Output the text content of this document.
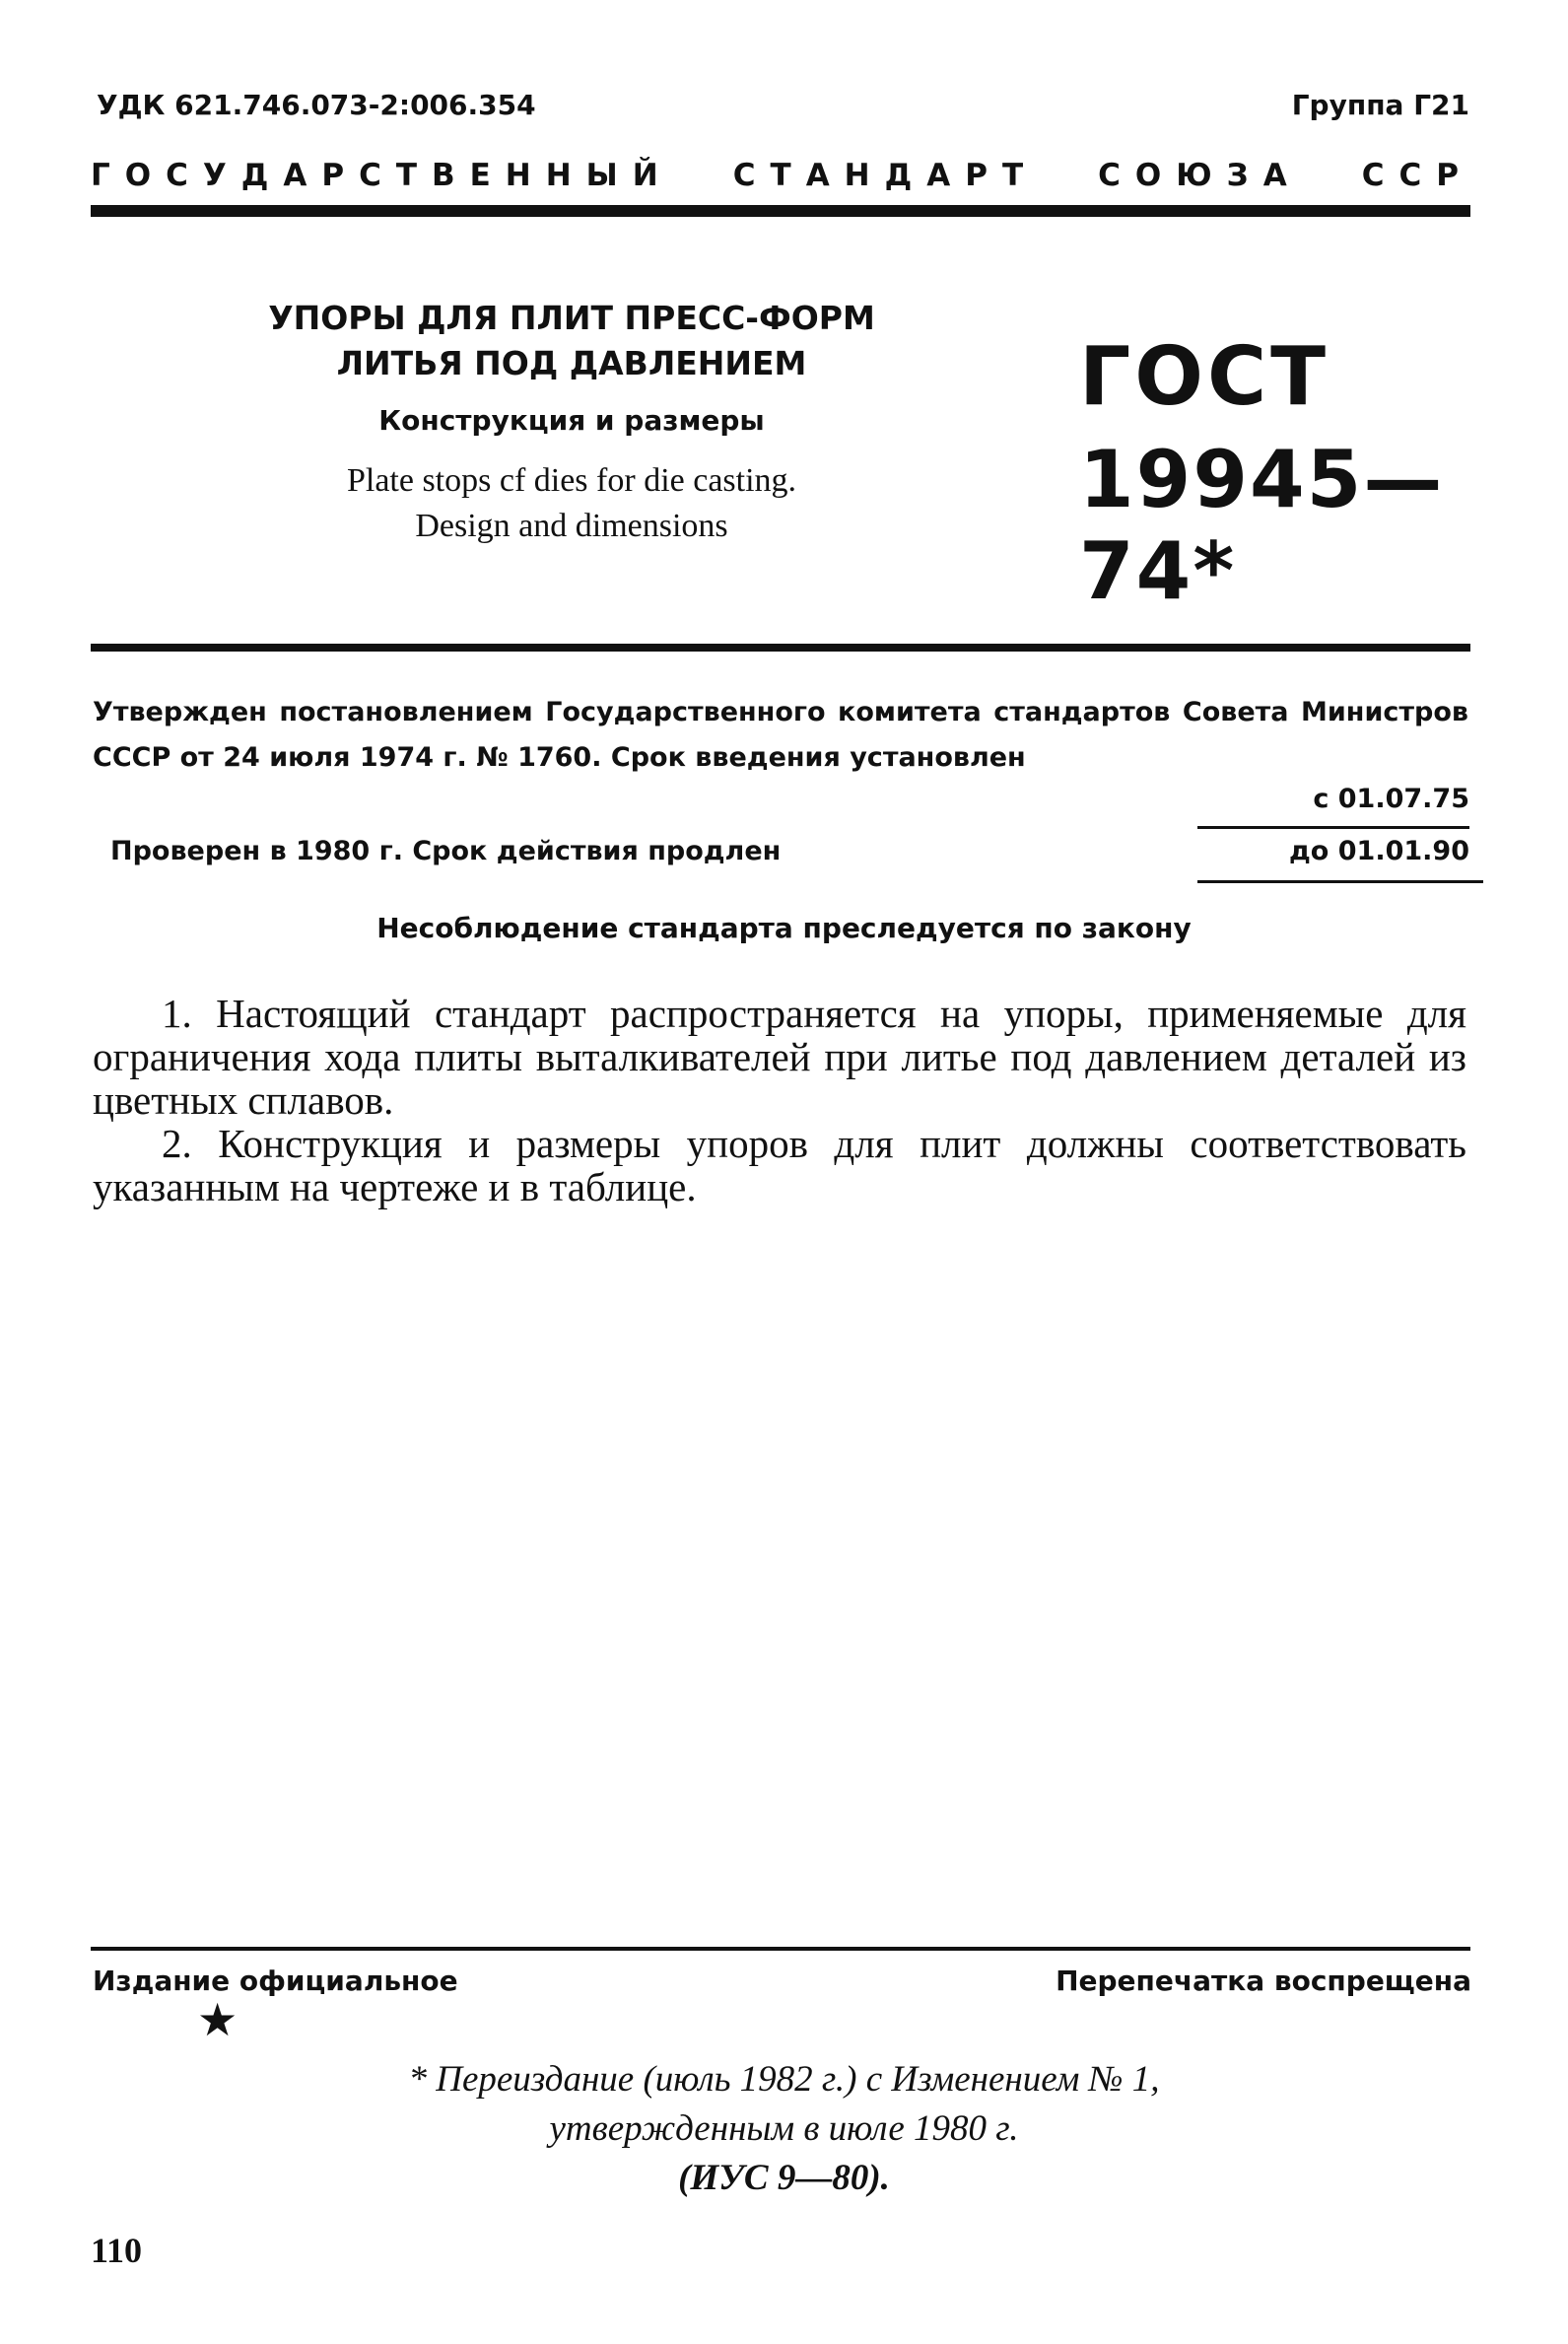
УДК 621.746.073-2:006.354	Группа Г21
ГОСУДАРСТВЕННЫЙ СТАНДАРТ СОЮЗА ССР
УПОРЫ ДЛЯ ПЛИТ ПРЕСС-ФОРМ
ЛИТЬЯ ПОД ДАВЛЕНИЕМ
Конструкция и размеры
Plate stops cf dies for die casting.
Design and dimensions
ГОСТ
19945—74*
Утвержден постановлением Государственного комитета стандартов Совета Министров СССР от 24 июля 1974 г. № 1760. Срок введения установлен
с 01.07.75
Проверен в 1980 г. Срок действия продлен	до 01.01.90
Несоблюдение стандарта преследуется по закону

1. Настоящий стандарт распространяется на упоры, применяемые для ограничения хода плиты выталкивателей при литье под давлением деталей из цветных сплавов.

2. Конструкция и размеры упоров для плит должны соответствовать указанным на чертеже и в таблице.

Издание официальное	Перепечатка воспрещена
★
* Переиздание (июль 1982 г.) с Изменением № 1,
утвержденным в июле 1980 г.
(ИУС 9—80).
110
